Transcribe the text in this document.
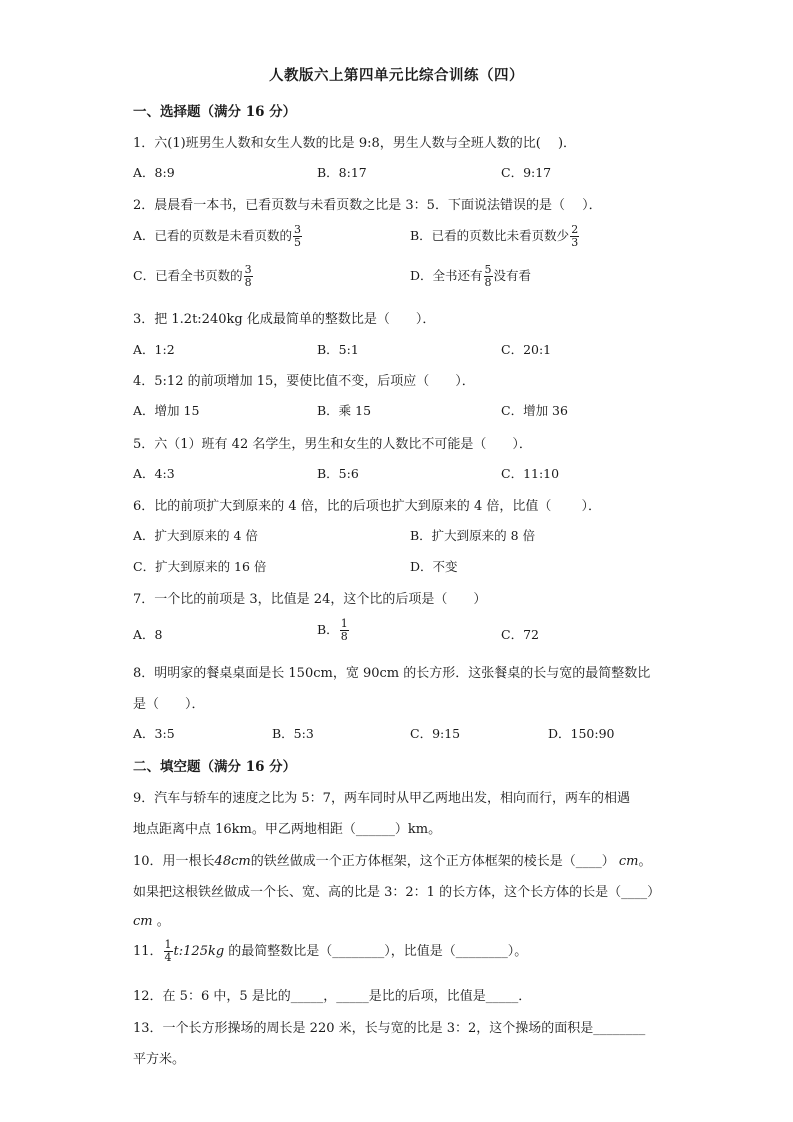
人教版六上第四单元比综合训练（四）
一、选择题（满分 16 分）
1．六(1)班男生人数和女生人数的比是 9:8，男生人数与全班人数的比(　 )．
A．8:9	B．8:17	C．9:17
2．晨晨看一本书，已看页数与未看页数之比是 3：5．下面说法错误的是（　 ）．
A．已看的页数是未看页数的 $\frac{3}{5}$	B．已看的页数比未看页数少 $\frac{2}{3}$
C．已看全书页数的 $\frac{3}{8}$	D．全书还有 $\frac{5}{8}$ 没有看
3．把 1.2t:240kg 化成最简单的整数比是（　　）．
A．1:2	B．5:1	C．20:1
4．5:12 的前项增加 15，要使比值不变，后项应（　　）．
A．增加 15	B．乘 15	C．增加 36
5．六（1）班有 42 名学生，男生和女生的人数比不可能是（　　）．
A．4:3	B．5:6	C．11:10
6．比的前项扩大到原来的 4 倍，比的后项也扩大到原来的 4 倍，比值（　　 ）．
A．扩大到原来的 4 倍	B．扩大到原来的 8 倍
C．扩大到原来的 16 倍	D．不变
7．一个比的前项是 3，比值是 24，这个比的后项是（　　）
A．8	B． $\frac{1}{8}$	C．72
8．明明家的餐桌桌面是长 150cm，宽 90cm 的长方形．这张餐桌的长与宽的最简整数比
是（　　）．
A．3:5	B．5:3	C．9:15	D．150:90
二、填空题（满分 16 分）
9．汽车与轿车的速度之比为 5：7，两车同时从甲乙两地出发，相向而行，两车的相遇
地点距离中点 16km。甲乙两地相距（______）km。
10．用一根长48cm的铁丝做成一个正方体框架，这个正方体框架的棱长是（____） cm。
如果把这根铁丝做成一个长、宽、高的比是 3：2：1 的长方体，这个长方体的长是（____）
cm 。
11． $\frac{1}{4}$ t:125kg 的最简整数比是（________），比值是（________）。
12．在 5：6 中，5 是比的_____，_____是比的后项，比值是_____．
13．一个长方形操场的周长是 220 米，长与宽的比是 3：2，这个操场的面积是________
平方米。
